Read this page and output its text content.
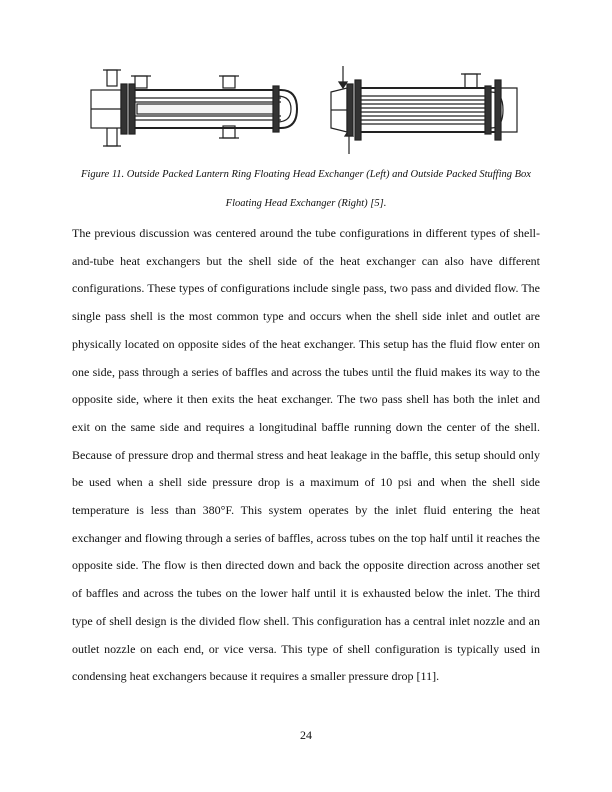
Figure 11. Outside Packed Lantern Ring Floating Head Exchanger (Left) and Outside Packed Stuffing Box Floating Head Exchanger (Right) [5].

The previous discussion was centered around the tube configurations in different types of shell-and-tube heat exchangers but the shell side of the heat exchanger can also have different configurations. These types of configurations include single pass, two pass and divided flow. The single pass shell is the most common type and occurs when the shell side inlet and outlet are physically located on opposite sides of the heat exchanger. This setup has the fluid flow enter on one side, pass through a series of baffles and across the tubes until the fluid makes its way to the opposite side, where it then exits the heat exchanger. The two pass shell has both the inlet and exit on the same side and requires a longitudinal baffle running down the center of the shell. Because of pressure drop and thermal stress and heat leakage in the baffle, this setup should only be used when a shell side pressure drop is a maximum of 10 psi and when the shell side temperature is less than 380°F. This system operates by the inlet fluid entering the heat exchanger and flowing through a series of baffles, across tubes on the top half until it reaches the opposite side. The flow is then directed down and back the opposite direction across another set of baffles and across the tubes on the lower half until it is exhausted below the inlet. The third type of shell design is the divided flow shell. This configuration has a central inlet nozzle and an outlet nozzle on each end, or vice versa. This type of shell configuration is typically used in condensing heat exchangers because it requires a smaller pressure drop [11].

24
